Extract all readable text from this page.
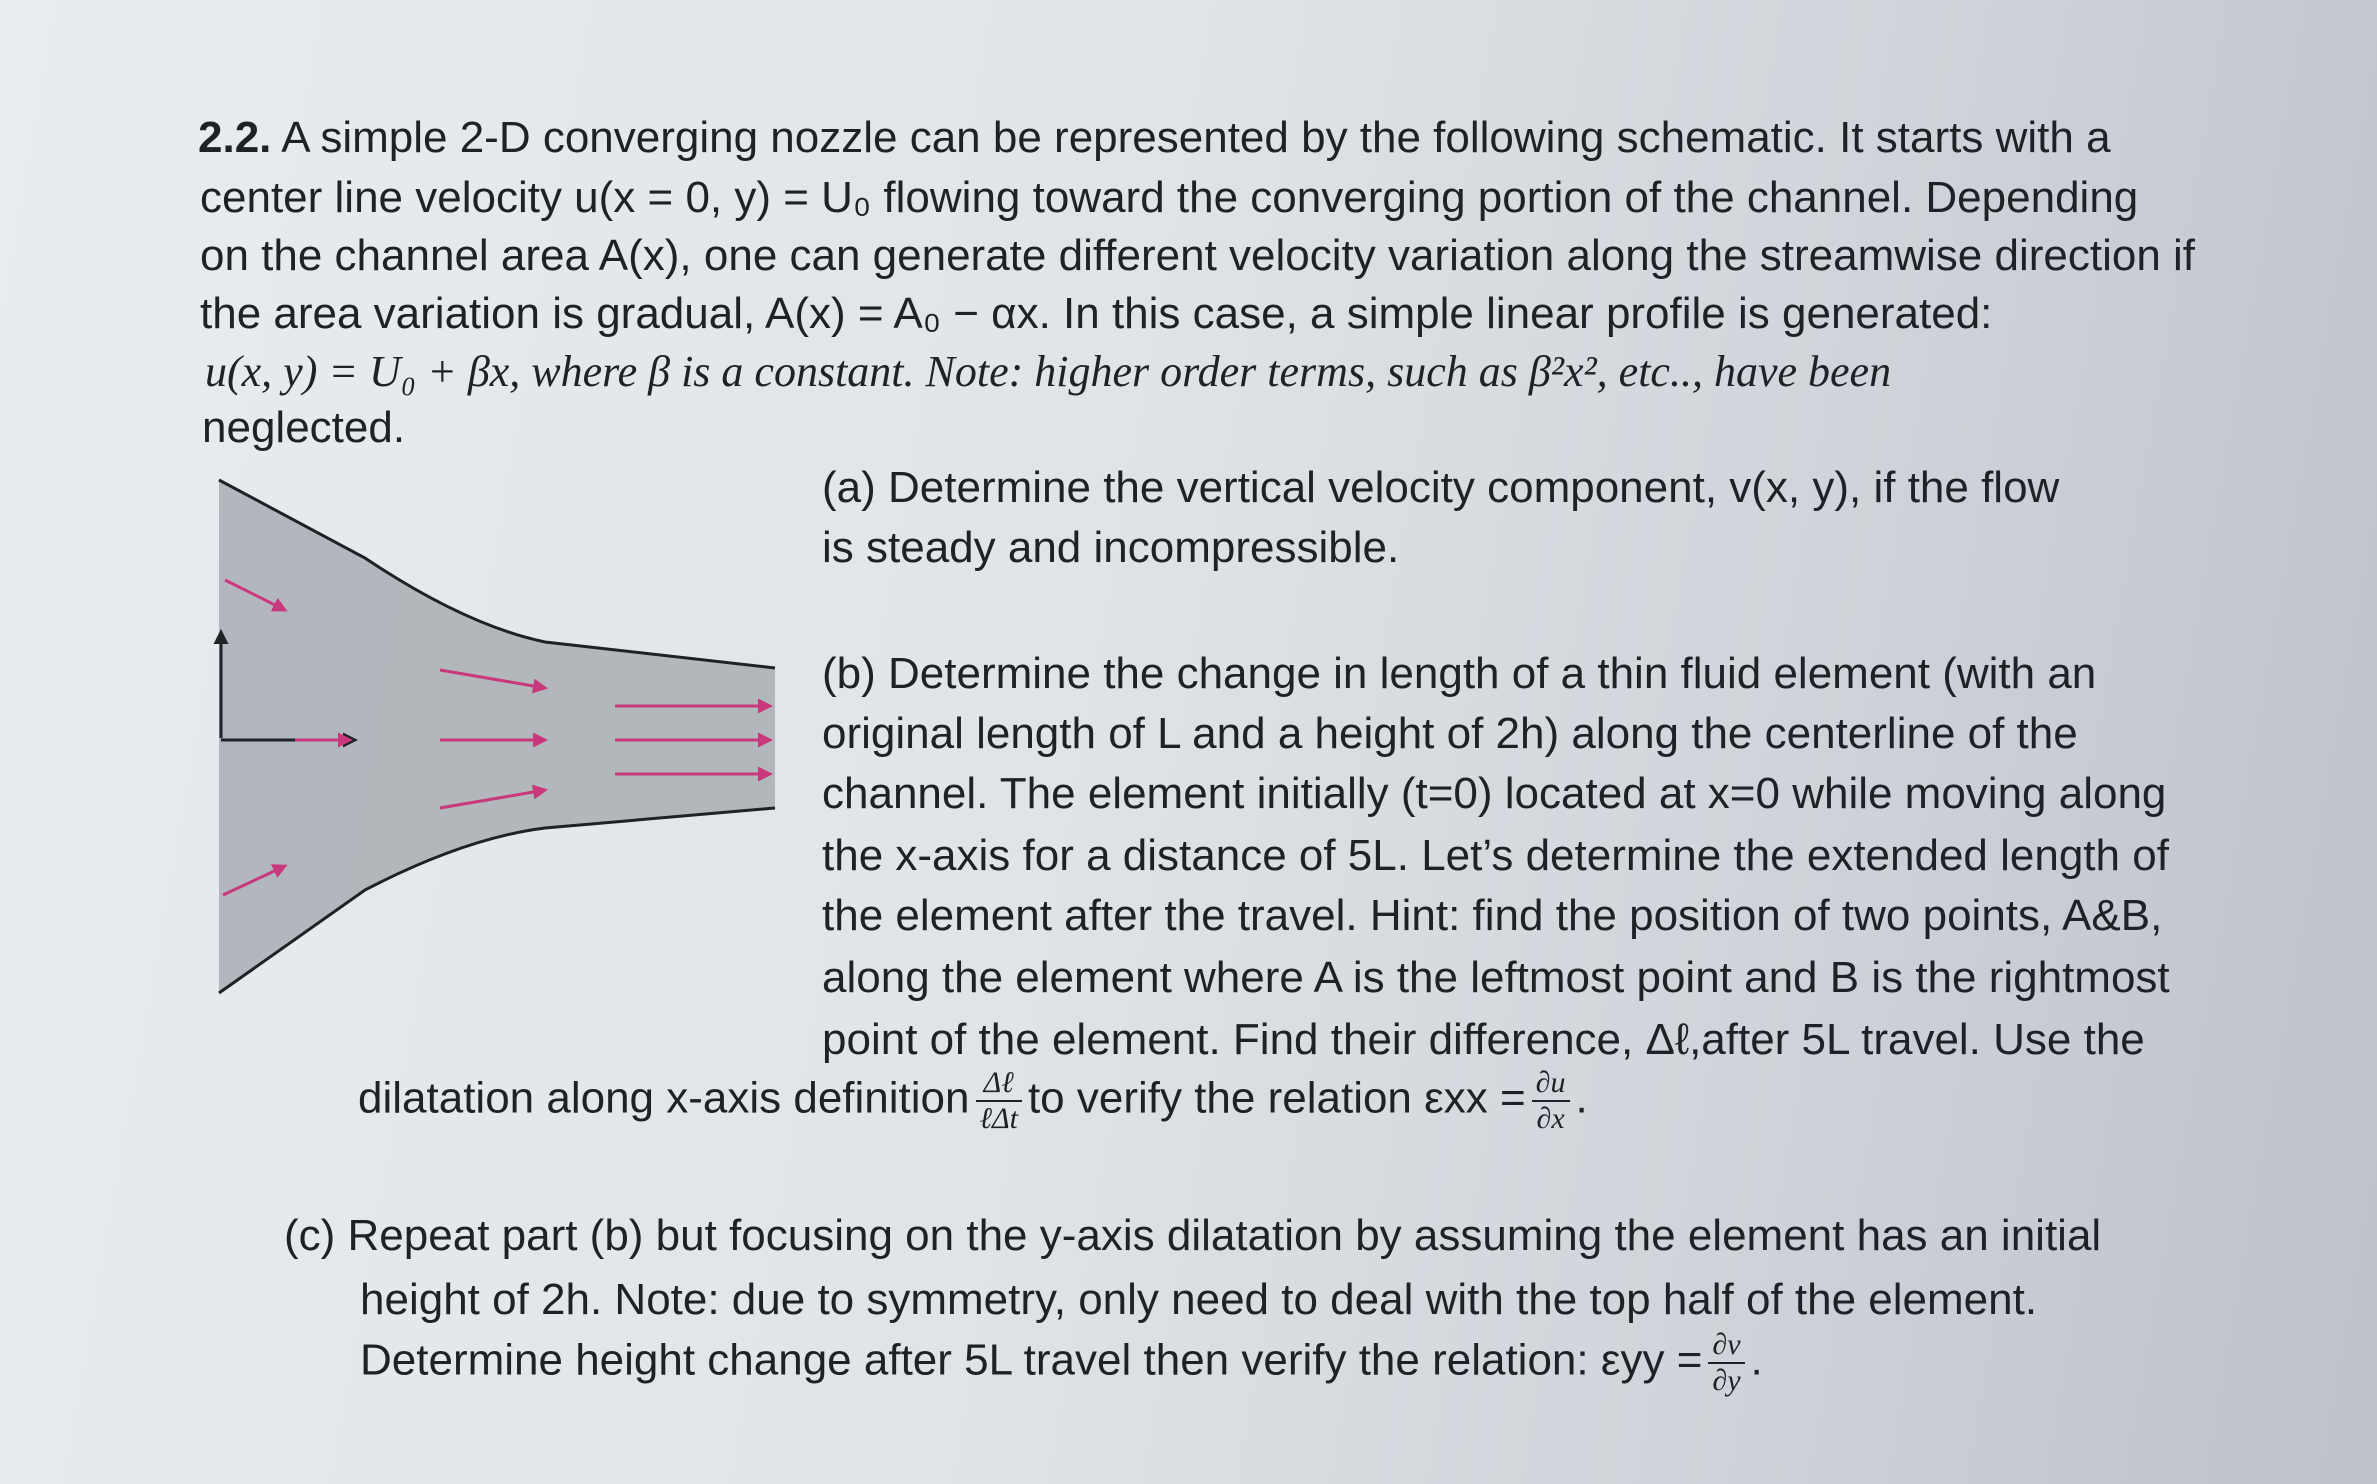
2.2. A simple 2-D converging nozzle can be represented by the following schematic. It starts with a
center line velocity u(x = 0, y) = U₀ flowing toward the converging portion of the channel. Depending
on the channel area A(x), one can generate different velocity variation along the streamwise direction if
the area variation is gradual, A(x) = A₀ − αx. In this case, a simple linear profile is generated:
u(x, y) = U₀ + βx, where β is a constant. Note: higher order terms, such as β²x², etc.., have been
neglected.
(a) Determine the vertical velocity component, v(x, y), if the flow
is steady and incompressible.
(b) Determine the change in length of a thin fluid element (with an
original length of L and a height of 2h) along the centerline of the
channel. The element initially (t=0) located at x=0 while moving along
the x-axis for a distance of 5L. Let’s determine the extended length of
the element after the travel. Hint: find the position of two points, A&B,
along the element where A is the leftmost point and B is the rightmost
point of the element. Find their difference, Δℓ,after 5L travel. Use the
dilatation along x-axis definition $\frac{\text{Δℓ}}{\text{ℓΔt}}$ to verify the relation $\varepsilon xx = \frac{\partial u}{\partial x}$ .
(c) Repeat part (b) but focusing on the y-axis dilatation by assuming the element has an initial
height of 2h. Note: due to symmetry, only need to deal with the top half of the element.
Determine height change after 5L travel then verify the relation: $\varepsilon yy = \frac{\partial v}{\partial y}$ .
